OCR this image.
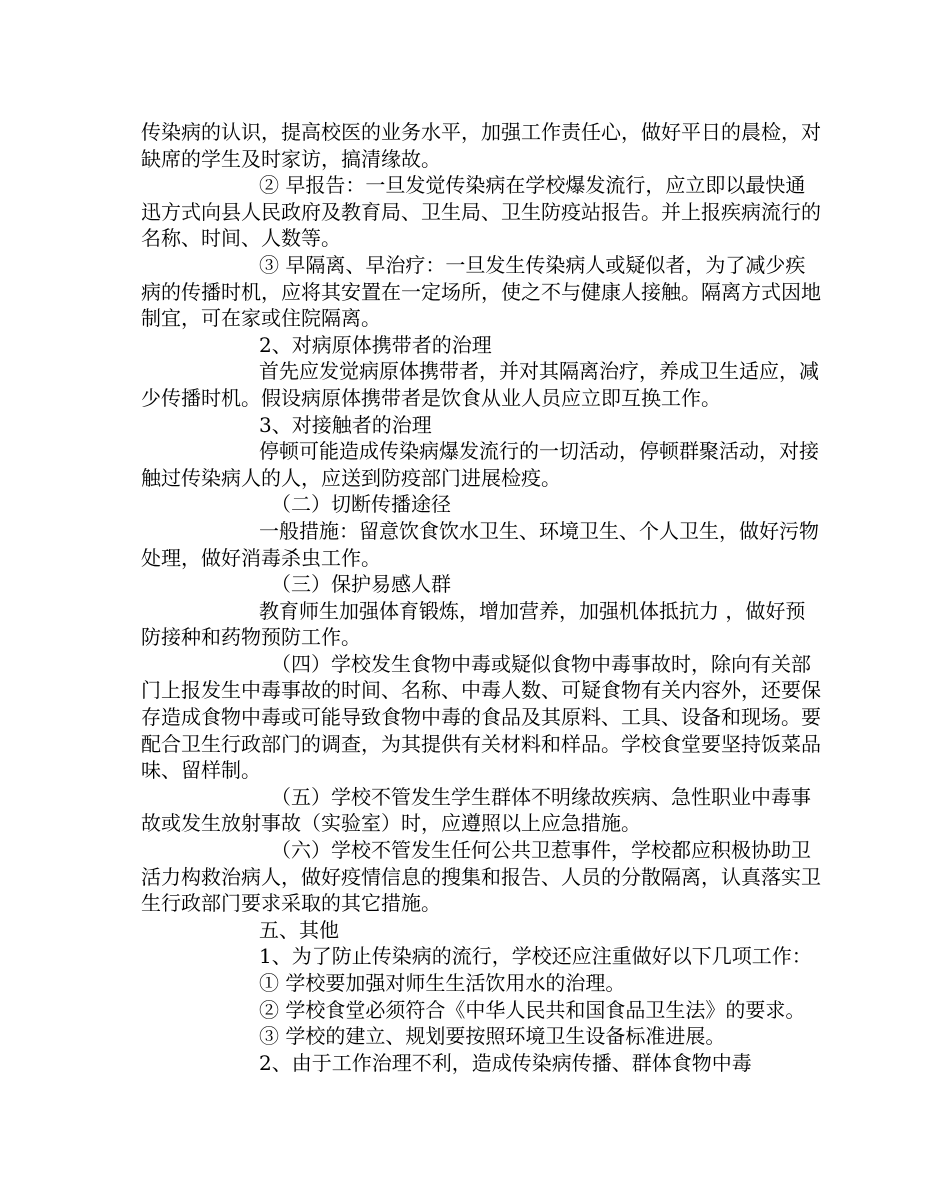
传染病的认识，提高校医的业务水平，加强工作责任心，做好平日的晨检，对缺席的学生及时家访，搞清缘故。

② 早报告：一旦发觉传染病在学校爆发流行，应立即以最快通迅方式向县人民政府及教育局、卫生局、卫生防疫站报告。并上报疾病流行的名称、时间、人数等。

③ 早隔离、早治疗：一旦发生传染病人或疑似者，为了减少疾病的传播时机，应将其安置在一定场所，使之不与健康人接触。隔离方式因地制宜，可在家或住院隔离。

2、对病原体携带者的治理

首先应发觉病原体携带者，并对其隔离治疗，养成卫生适应，减少传播时机。假设病原体携带者是饮食从业人员应立即互换工作。

3、对接触者的治理

停顿可能造成传染病爆发流行的一切活动，停顿群聚活动，对接触过传染病人的人，应送到防疫部门进展检疫。

（二）切断传播途径

一般措施：留意饮食饮水卫生、环境卫生、个人卫生，做好污物处理，做好消毒杀虫工作。

（三）保护易感人群

教育师生加强体育锻炼，增加营养，加强机体抵抗力 ，做好预防接种和药物预防工作。

（四）学校发生食物中毒或疑似食物中毒事故时，除向有关部门上报发生中毒事故的时间、名称、中毒人数、可疑食物有关内容外，还要保存造成食物中毒或可能导致食物中毒的食品及其原料、工具、设备和现场。要配合卫生行政部门的调查，为其提供有关材料和样品。学校食堂要坚持饭菜品味、留样制。

（五）学校不管发生学生群体不明缘故疾病、急性职业中毒事故或发生放射事故（实验室）时，应遵照以上应急措施。

（六）学校不管发生任何公共卫惹事件，学校都应积极协助卫活力构救治病人，做好疫情信息的搜集和报告、人员的分散隔离，认真落实卫生行政部门要求采取的其它措施。

五、其他

1、为了防止传染病的流行，学校还应注重做好以下几项工作：

① 学校要加强对师生生活饮用水的治理。

② 学校食堂必须符合《中华人民共和国食品卫生法》的要求。

③ 学校的建立、规划要按照环境卫生设备标准进展。

2、由于工作治理不利，造成传染病传播、群体食物中毒
